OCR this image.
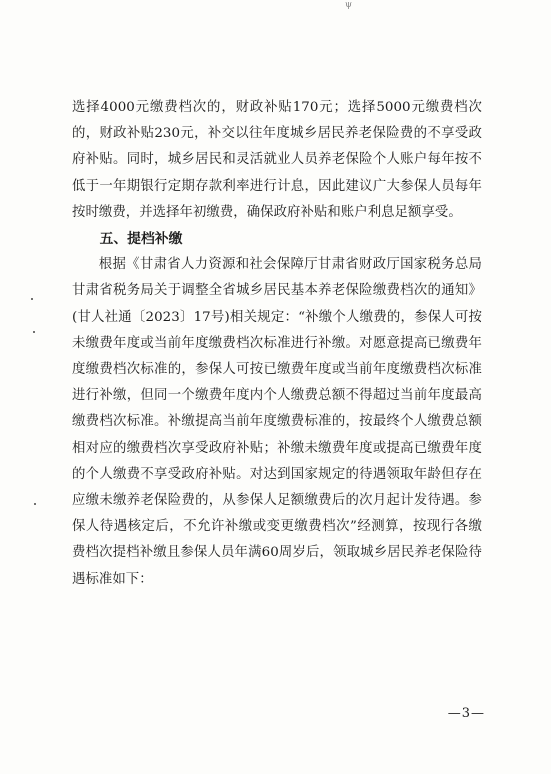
ψ

选择4000元缴费档次的，财政补贴170元；选择5000元缴费档次的，财政补贴230元，补交以往年度城乡居民养老保险费的不享受政府补贴。同时，城乡居民和灵活就业人员养老保险个人账户每年按不低于一年期银行定期存款利率进行计息，因此建议广大参保人员每年按时缴费，并选择年初缴费，确保政府补贴和账户利息足额享受。

五、提档补缴

根据《甘肃省人力资源和社会保障厅甘肃省财政厅国家税务总局甘肃省税务局关于调整全省城乡居民基本养老保险缴费档次的通知》(甘人社通〔2023〕17号)相关规定：“补缴个人缴费的，参保人可按未缴费年度或当前年度缴费档次标准进行补缴。对愿意提高已缴费年度缴费档次标准的，参保人可按已缴费年度或当前年度缴费档次标准进行补缴，但同一个缴费年度内个人缴费总额不得超过当前年度最高缴费档次标准。补缴提高当前年度缴费标准的，按最终个人缴费总额相对应的缴费档次享受政府补贴；补缴未缴费年度或提高已缴费年度的个人缴费不享受政府补贴。对达到国家规定的待遇领取年龄但存在应缴未缴养老保险费的，从参保人足额缴费后的次月起计发待遇。参保人待遇核定后，不允许补缴或变更缴费档次”经测算，按现行各缴费档次提档补缴且参保人员年满60周岁后，领取城乡居民养老保险待遇标准如下：

—3—
